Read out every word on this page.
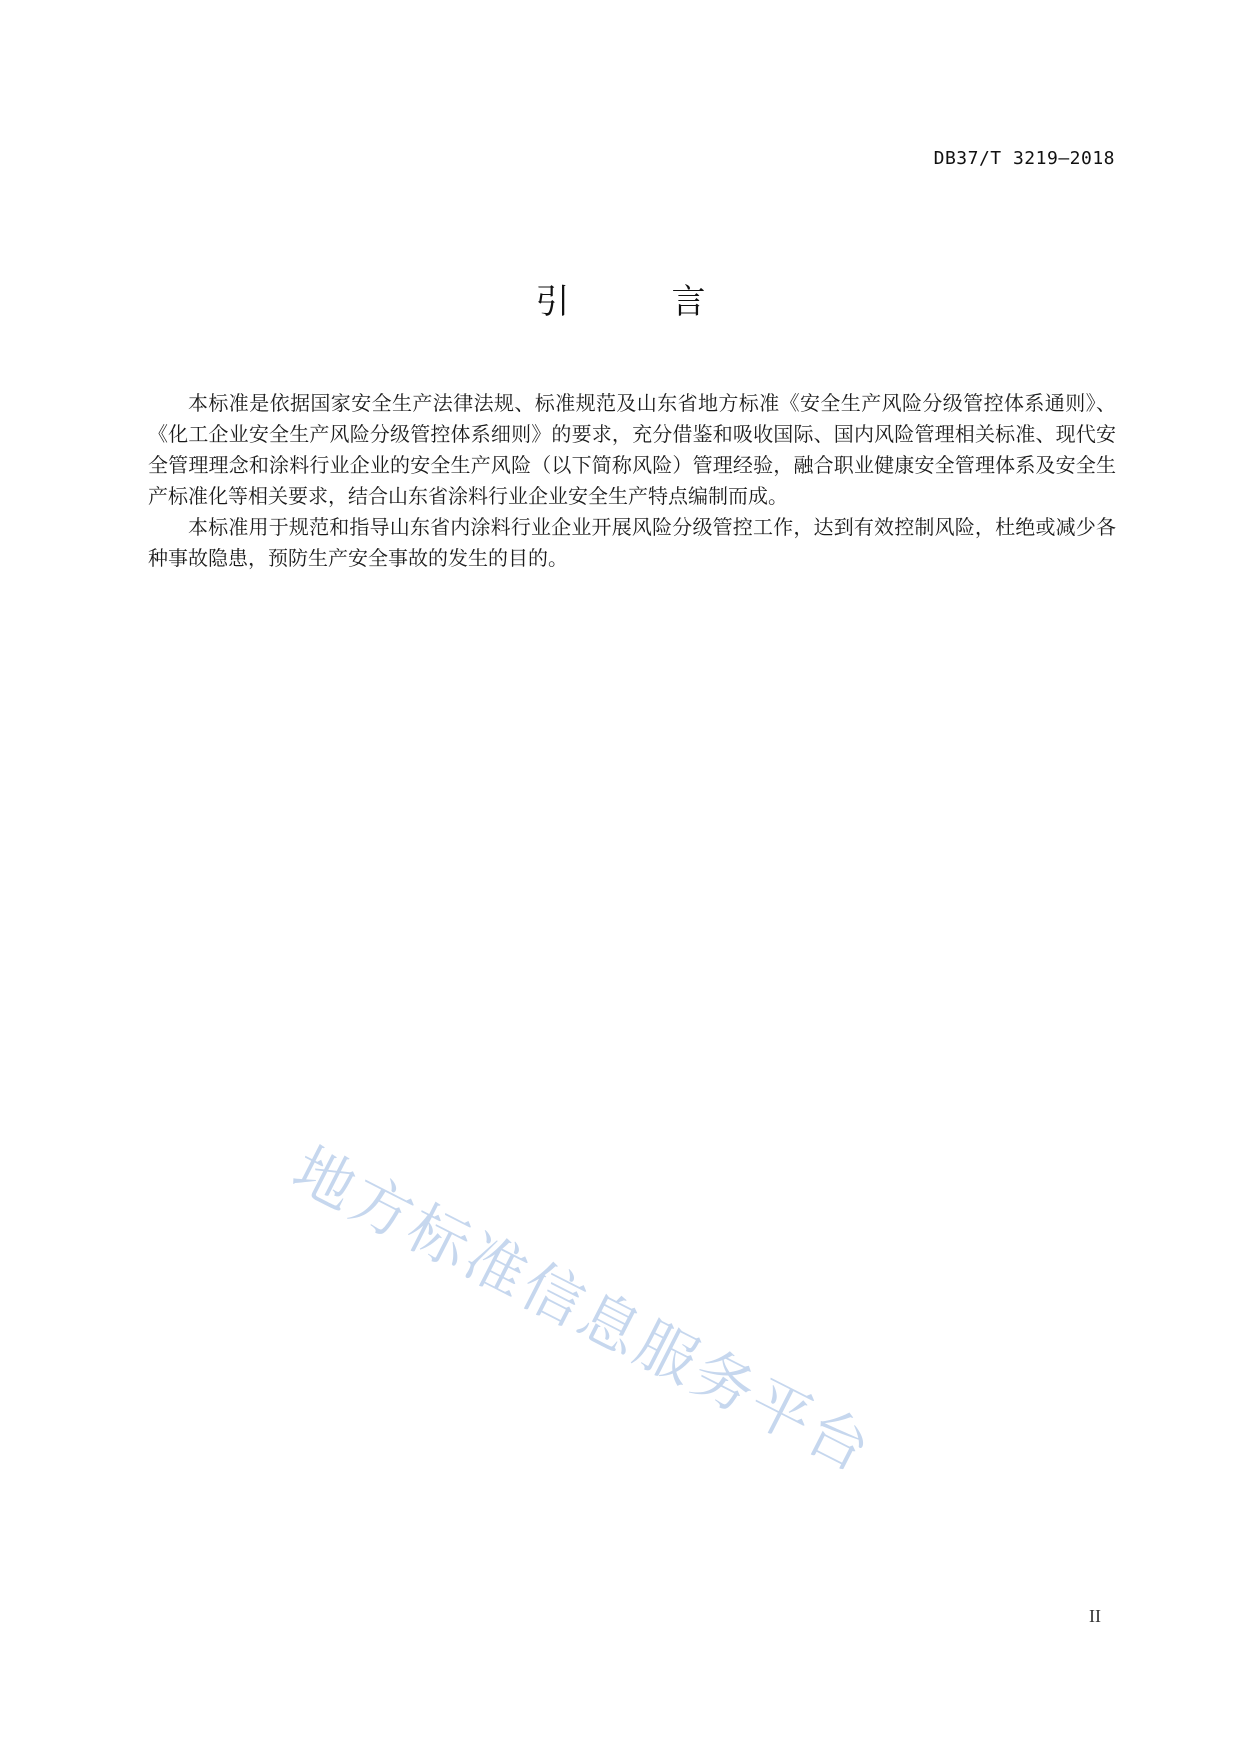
DB37/T 3219—2018
引　言

本标准是依据国家安全生产法律法规、标准规范及山东省地方标准《安全生产风险分级管控体系通则》、《化工企业安全生产风险分级管控体系细则》的要求，充分借鉴和吸收国际、国内风险管理相关标准、现代安全管理理念和涂料行业企业的安全生产风险（以下简称风险）管理经验，融合职业健康安全管理体系及安全生产标准化等相关要求，结合山东省涂料行业企业安全生产特点编制而成。

本标准用于规范和指导山东省内涂料行业企业开展风险分级管控工作，达到有效控制风险，杜绝或减少各种事故隐患，预防生产安全事故的发生的目的。

地方标准信息服务平台
II
